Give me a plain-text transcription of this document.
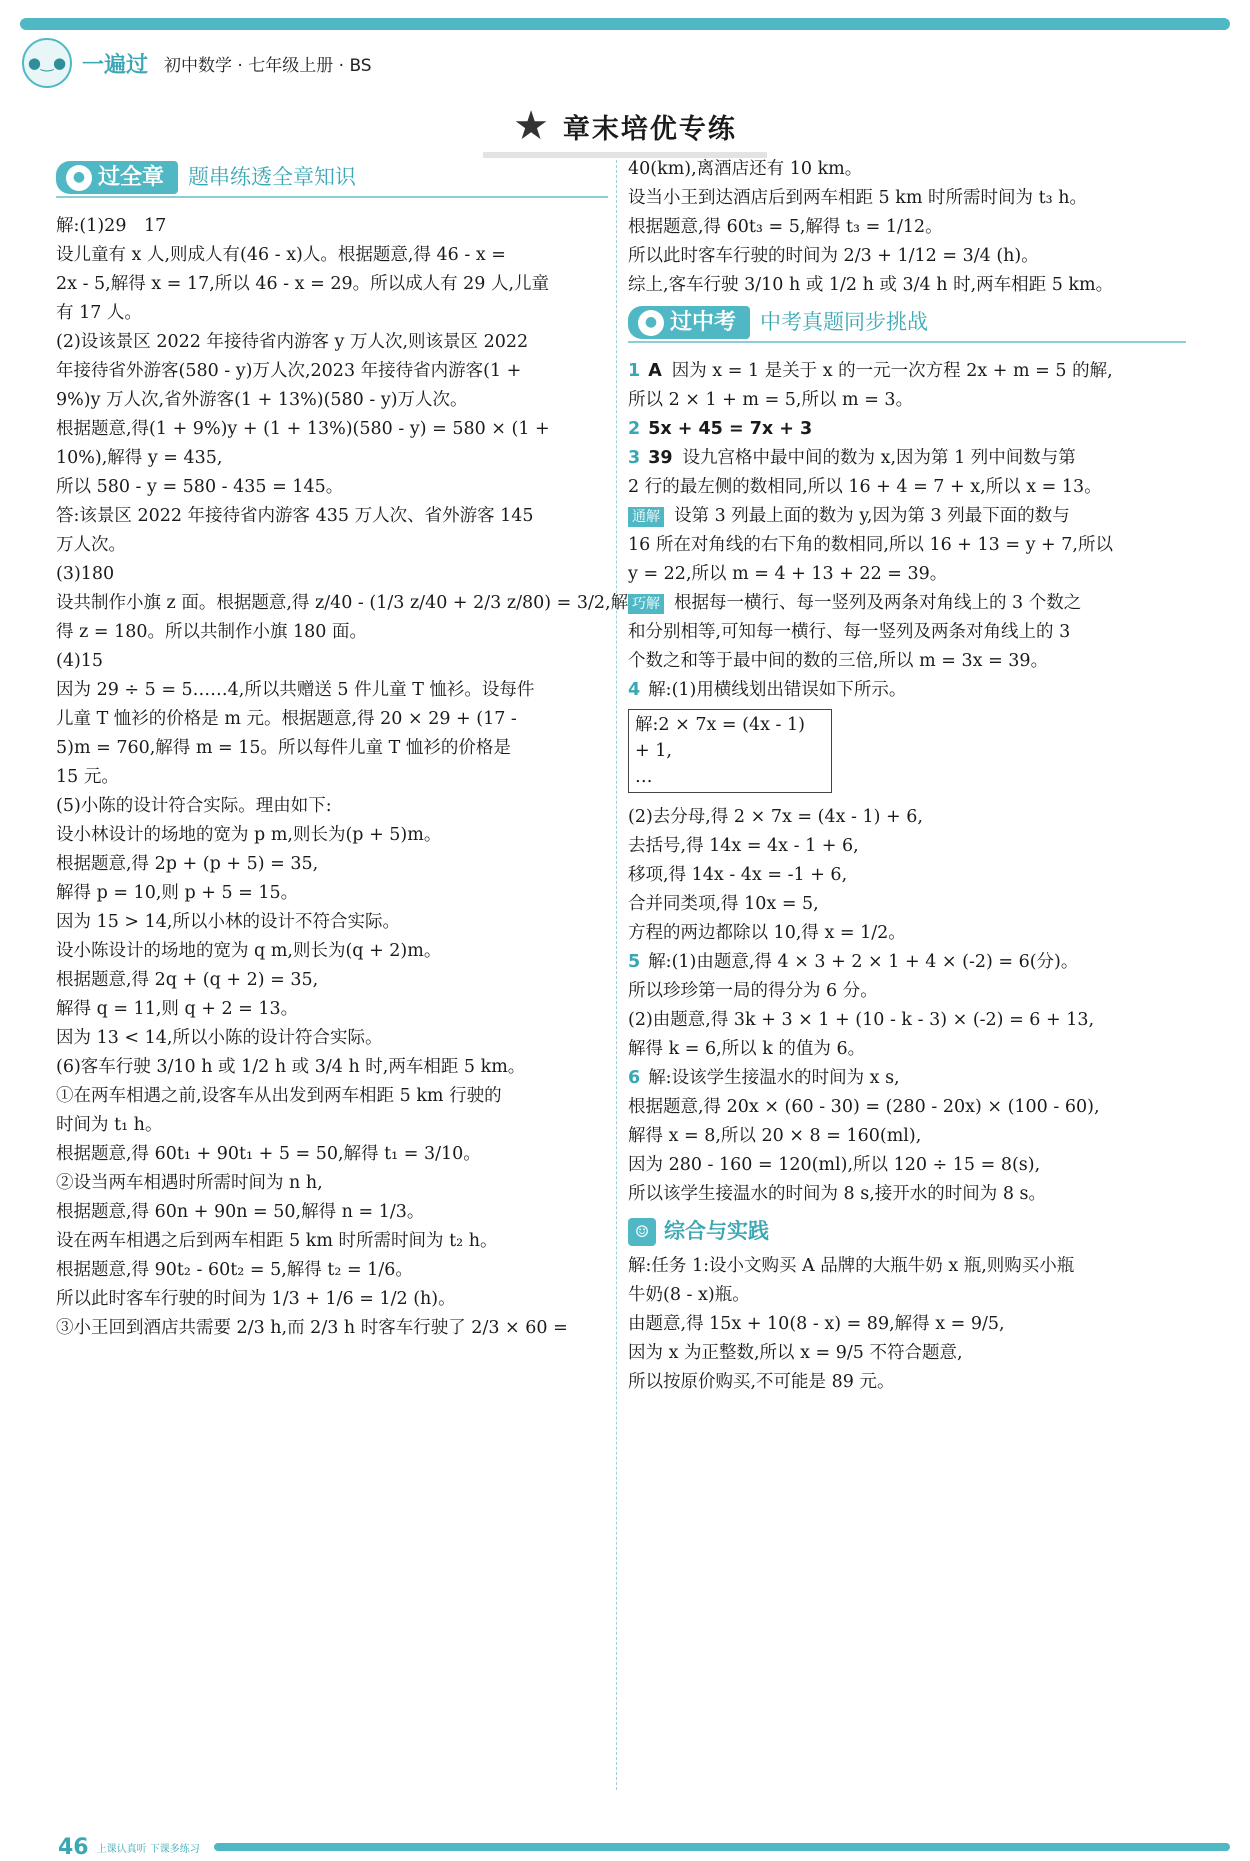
●‿● 一遍过 初中数学 · 七年级上册 · BS
★ 章末培优专练
● 过全章 题串练透全章知识
解:(1)29　17
设儿童有 x 人,则成人有(46 - x)人。根据题意,得 46 - x =
2x - 5,解得 x = 17,所以 46 - x = 29。所以成人有 29 人,儿童
有 17 人。
(2)设该景区 2022 年接待省内游客 y 万人次,则该景区 2022
年接待省外游客(580 - y)万人次,2023 年接待省内游客(1 +
9%)y 万人次,省外游客(1 + 13%)(580 - y)万人次。
根据题意,得(1 + 9%)y + (1 + 13%)(580 - y) = 580 × (1 +
10%),解得 y = 435,
所以 580 - y = 580 - 435 = 145。
答:该景区 2022 年接待省内游客 435 万人次、省外游客 145
万人次。
(3)180
设共制作小旗 z 面。根据题意,得 z/40 - (1/3 z/40 + 2/3 z/80) = 3/2,解
得 z = 180。所以共制作小旗 180 面。
(4)15
因为 29 ÷ 5 = 5……4,所以共赠送 5 件儿童 T 恤衫。设每件
儿童 T 恤衫的价格是 m 元。根据题意,得 20 × 29 + (17 -
5)m = 760,解得 m = 15。所以每件儿童 T 恤衫的价格是
15 元。
(5)小陈的设计符合实际。理由如下:
设小林设计的场地的宽为 p m,则长为(p + 5)m。
根据题意,得 2p + (p + 5) = 35,
解得 p = 10,则 p + 5 = 15。
因为 15 > 14,所以小林的设计不符合实际。
设小陈设计的场地的宽为 q m,则长为(q + 2)m。
根据题意,得 2q + (q + 2) = 35,
解得 q = 11,则 q + 2 = 13。
因为 13 < 14,所以小陈的设计符合实际。
(6)客车行驶 3/10 h 或 1/2 h 或 3/4 h 时,两车相距 5 km。
①在两车相遇之前,设客车从出发到两车相距 5 km 行驶的
时间为 t₁ h。
根据题意,得 60t₁ + 90t₁ + 5 = 50,解得 t₁ = 3/10。
②设当两车相遇时所需时间为 n h,
根据题意,得 60n + 90n = 50,解得 n = 1/3。
设在两车相遇之后到两车相距 5 km 时所需时间为 t₂ h。
根据题意,得 90t₂ - 60t₂ = 5,解得 t₂ = 1/6。
所以此时客车行驶的时间为 1/3 + 1/6 = 1/2 (h)。
③小王回到酒店共需要 2/3 h,而 2/3 h 时客车行驶了 2/3 × 60 =
40(km),离酒店还有 10 km。
设当小王到达酒店后到两车相距 5 km 时所需时间为 t₃ h。
根据题意,得 60t₃ = 5,解得 t₃ = 1/12。
所以此时客车行驶的时间为 2/3 + 1/12 = 3/4 (h)。
综上,客车行驶 3/10 h 或 1/2 h 或 3/4 h 时,两车相距 5 km。
● 过中考 中考真题同步挑战
1 A 因为 x = 1 是关于 x 的一元一次方程 2x + m = 5 的解,
所以 2 × 1 + m = 5,所以 m = 3。
2 5x + 45 = 7x + 3
3 39 设九宫格中最中间的数为 x,因为第 1 列中间数与第
2 行的最左侧的数相同,所以 16 + 4 = 7 + x,所以 x = 13。
通解 设第 3 列最上面的数为 y,因为第 3 列最下面的数与
16 所在对角线的右下角的数相同,所以 16 + 13 = y + 7,所以
y = 22,所以 m = 4 + 13 + 22 = 39。
巧解 根据每一横行、每一竖列及两条对角线上的 3 个数之
和分别相等,可知每一横行、每一竖列及两条对角线上的 3
个数之和等于最中间的数的三倍,所以 m = 3x = 39。
4 解:(1)用横线划出错误如下所示。
解:2 × 7x = (4x - 1) + 1,
…
(2)去分母,得 2 × 7x = (4x - 1) + 6,
去括号,得 14x = 4x - 1 + 6,
移项,得 14x - 4x = -1 + 6,
合并同类项,得 10x = 5,
方程的两边都除以 10,得 x = 1/2。
5 解:(1)由题意,得 4 × 3 + 2 × 1 + 4 × (-2) = 6(分)。
所以珍珍第一局的得分为 6 分。
(2)由题意,得 3k + 3 × 1 + (10 - k - 3) × (-2) = 6 + 13,
解得 k = 6,所以 k 的值为 6。
6 解:设该学生接温水的时间为 x s,
根据题意,得 20x × (60 - 30) = (280 - 20x) × (100 - 60),
解得 x = 8,所以 20 × 8 = 160(ml),
因为 280 - 160 = 120(ml),所以 120 ÷ 15 = 8(s),
所以该学生接温水的时间为 8 s,接开水的时间为 8 s。
☺ 综合与实践
解:任务 1:设小文购买 A 品牌的大瓶牛奶 x 瓶,则购买小瓶
牛奶(8 - x)瓶。
由题意,得 15x + 10(8 - x) = 89,解得 x = 9/5,
因为 x 为正整数,所以 x = 9/5 不符合题意,
所以按原价购买,不可能是 89 元。
46 上课认真听 下课多练习
